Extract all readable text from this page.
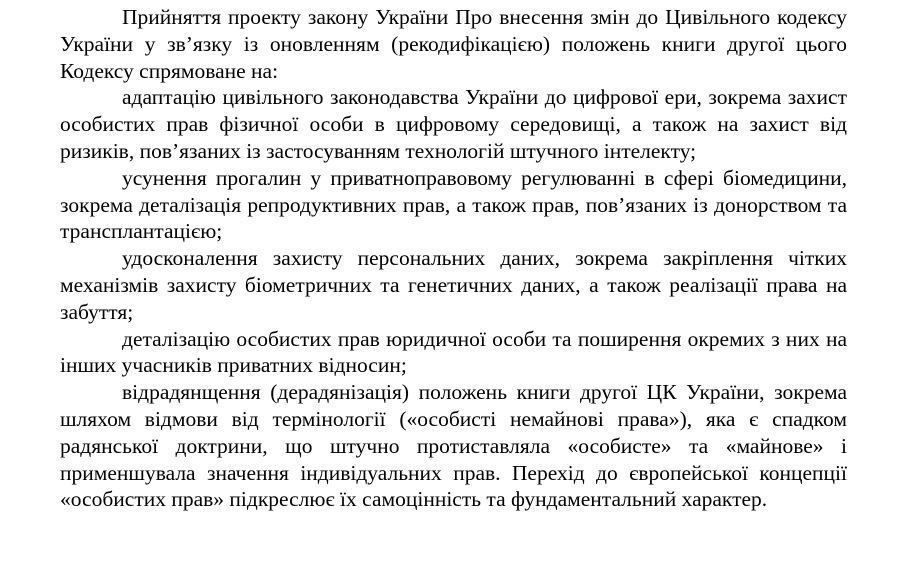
Прийняття проекту закону України Про внесення змін до Цивільного кодексу України у зв’язку із оновленням (рекодифікацією) положень книги другої цього Кодексу спрямоване на:

адаптацію цивільного законодавства України до цифрової ери, зокрема захист особистих прав фізичної особи в цифровому середовищі, а також на захист від ризиків, пов’язаних із застосуванням технологій штучного інтелекту;

усунення прогалин у приватноправовому регулюванні в сфері біомедицини, зокрема деталізація репродуктивних прав, а також прав, пов’язаних із донорством та трансплантацією;

удосконалення захисту персональних даних, зокрема закріплення чітких механізмів захисту біометричних та генетичних даних, а також реалізації права на забуття;

деталізацію особистих прав юридичної особи та поширення окремих з них на інших учасників приватних відносин;

відрадянщення (дерадянізація) положень книги другої ЦК України, зокрема шляхом відмови від термінології («особисті немайнові права»), яка є спадком радянської доктрини, що штучно протиставляла «особисте» та «майнове» і применшувала значення індивідуальних прав. Перехід до європейської концепції «особистих прав» підкреслює їх самоцінність та фундаментальний характер.
